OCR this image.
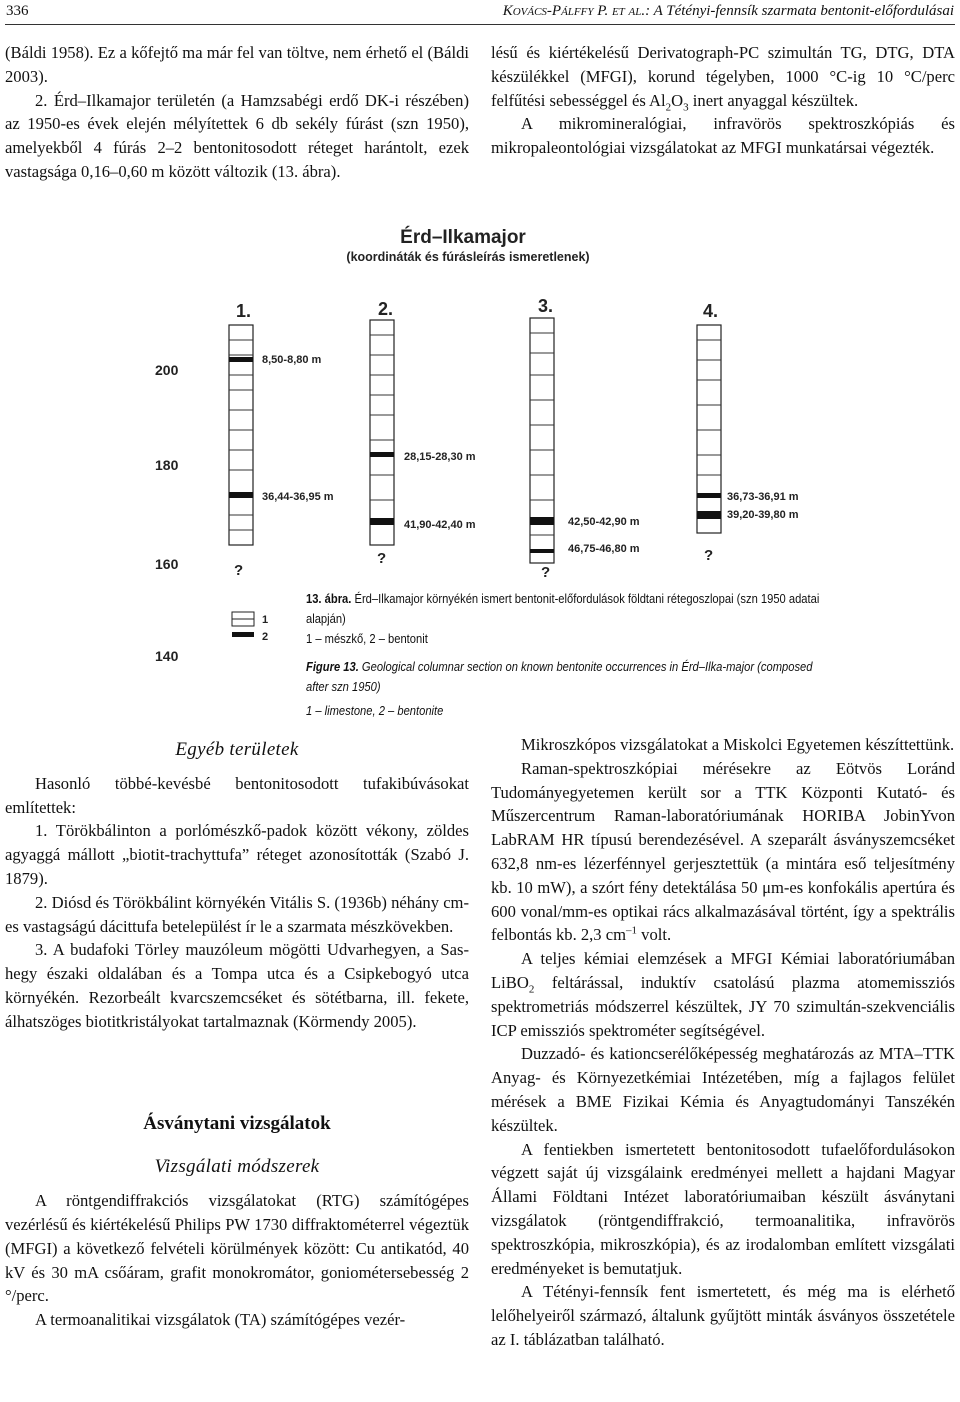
336	Kovács-Pálffy P. et al.: A Tétényi-fennsík szarmata bentonit-előfordulásai

(Báldi 1958). Ez a kőfejtő ma már fel van töltve, nem érhető el (Báldi 2003).

2. Érd–Ilkamajor területén (a Hamzsabégi erdő DK-i részében) az 1950-es évek elején mélyítettek 6 db sekély fúrást (szn 1950), amelyekből 4 fúrás 2–2 bentonitosodott réteget harántolt, ezek vastagsága 0,16–0,60 m között változik (13. ábra).

lésű és kiértékelésű Derivatograph-PC szimultán TG, DTG, DTA készülékkel (MFGI), korund tégelyben, 1000 °C-ig 10 °C/perc felfűtési sebességgel és $Al_2O_3$ inert anyaggal készültek.

A mikromineralógiai, infravörös spektroszkópiás és mikropaleontológiai vizsgálatokat az MFGI munkatársai végezték.

Érd–Ilkamajor
(koordináták és fúrásleírás ismeretlenek)
1.	2.	3.	4.
200
180
160
140
8,50-8,80 m
36,44-36,95 m
28,15-28,30 m
41,90-42,40 m
?
42,50-42,90 m
46,75-46,80 m
?
36,73-36,91 m
39,20-39,80 m
?
?
1
2
13. ábra. Érd–Ilkamajor környékén ismert bentonit-előfordulások földtani rétegoszlopai (szn 1950 adatai alapján)
1 – mészkő, 2 – bentonit
Figure 13. Geological columnar section on known bentonite occurrences in Érd–Ilka-major (composed after szn 1950)
1 – limestone, 2 – bentonite
Egyéb területek

Hasonló többé-kevésbé bentonitosodott tufakibúvásokat említettek:

1. Törökbálinton a porlómészkő-padok között vékony, zöldes agyaggá mállott „biotit-trachyttufa” réteget azonosították (Szabó J. 1879).

2. Diósd és Törökbálint környékén Vitális S. (1936b) néhány cm-es vastagságú dácittufa betelepülést ír le a szarmata mészkövekben.

3. A budafoki Törley mauzóleum mögötti Udvarhegyen, a Sas-hegy északi oldalában és a Tompa utca és a Csipkebogyó utca környékén. Rezorbeált kvarcszemcséket és sötétbarna, ill. fekete, álhatszöges biotitkristályokat tartalmaznak (Körmendy 2005).

Ásványtani vizsgálatok
Vizsgálati módszerek

A röntgendiffrakciós vizsgálatokat (RTG) számítógépes vezérlésű és kiértékelésű Philips PW 1730 diffraktométerrel végeztük (MFGI) a következő felvételi körülmények között: Cu antikatód, 40 kV és 30 mA csőáram, grafit monokromátor, goniométersebesség 2 °/perc.

A termoanalitikai vizsgálatok (TA) számítógépes vezér-

Mikroszkópos vizsgálatokat a Miskolci Egyetemen készíttettünk.

Raman-spektroszkópiai mérésekre az Eötvös Loránd Tudományegyetemen került sor a TTK Központi Kutató- és Műszercentrum Raman-laboratóriumának HORIBA JobinYvon LabRAM HR típusú berendezésével. A szeparált ásványszemcséket 632,8 nm-es lézerfénnyel gerjesztettük (a mintára eső teljesítmény kb. 10 mW), a szórt fény detektálása 50 μm-es konfokális apertúra és 600 vonal/mm-es optikai rács alkalmazásával történt, így a spektrális felbontás kb. 2,3 $cm^{-1}$ volt.

A teljes kémiai elemzések a MFGI Kémiai laboratóriumában LiBO$_2$ feltárással, induktív csatolású plazma atomemissziós spektrometriás módszerrel készültek, JY 70 szimultán-szekvenciális ICP emissziós spektrométer segítségével.

Duzzadó- és kationcserélőképesség meghatározás az MTA–TTK Anyag- és Környezetkémiai Intézetében, míg a fajlagos felület mérések a BME Fizikai Kémia és Anyagtudományi Tanszékén készültek.

A fentiekben ismertetett bentonitosodott tufaelőfordulásokon végzett saját új vizsgálaink eredményei mellett a hajdani Magyar Állami Földtani Intézet laboratóriumaiban készült ásványtani vizsgálatok (röntgendiffrakció, termoanalitika, infravörös spektroszkópia, mikroszkópia), és az irodalomban említett vizsgálati eredményeket is bemutatjuk.

A Tétényi-fennsík fent ismertetett, és még ma is elérhető lelőhelyeiről származó, általunk gyűjtött minták ásványos összetétele az I. táblázatban található.
